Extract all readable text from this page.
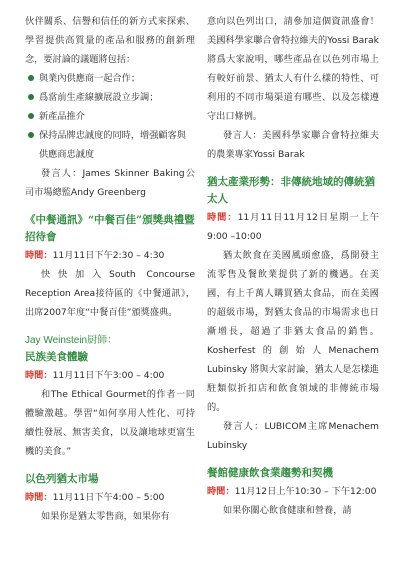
伙伴關系、信譽和信任的新方式來探索、學習提供高質量的產品和服務的創新理念，要討論的議題將包括：

與業內供應商一起合作；
爲當前生產線擴展設立步調；
新產品推介
保持品牌忠誠度的同時，增强顧客與供應商忠誠度

發言人：James Skinner Baking公司市場總監Andy Greenberg

《中餐通訊》“中餐百佳”頒獎典禮暨招待會

時間：11月11日下午2:30 – 4:30

快快加入South Concourse Reception Area接待區的《中餐通訊》，出席2007年度“中餐百佳”頒獎盛典。

Jay Weinstein厨師：
民族美食體驗

時間：11月11日下午3:00 – 4:00

和The Ethical Gourmet的作者一同體驗激越。學習“如何享用人性化、可持續性發展、無害美食，以及讓地球更富生機的美食。”

以色列猶太市場

時間：11月11日下午4:00 – 5:00

如果你是猶太零售商，如果你有

意向以色列出口，請參加這個資訊盛會！美國科學家聯合會特拉維夫的Yossi Barak將爲大家說明，哪些產品在以色列市場上有較好前景、猶太人有什么樣的特性、可利用的不同市場渠道有哪些、以及怎樣遵守出口條例。

發言人：美國科學家聯合會特拉維夫的農業專家Yossi Barak

猶太產業形勢：非傳統地域的傳統猶太人

時間：11月11日11月12日星期一上午9:00 –10:00

猶太飲食在美國風頭愈盛，爲開發主流零售及餐飲業提供了新的機遇。在美國，有上千萬人購買猶太食品，而在美國的超級市場，對猶太食品的市場需求也日漸增長，超過了非猶太食品的銷售。Kosherfest的創始人Menachem Lubinsky 將與大家討論，猶太人是怎樣進駐類似折扣店和飲食領域的非傳統市場的。

發言人：LUBICOM主席Menachem Lubinsky

餐館健康飲食業趨勢和契機

時間：11月12日上午10:30 – 下午12:00

如果你關心飲食健康和營養，請
